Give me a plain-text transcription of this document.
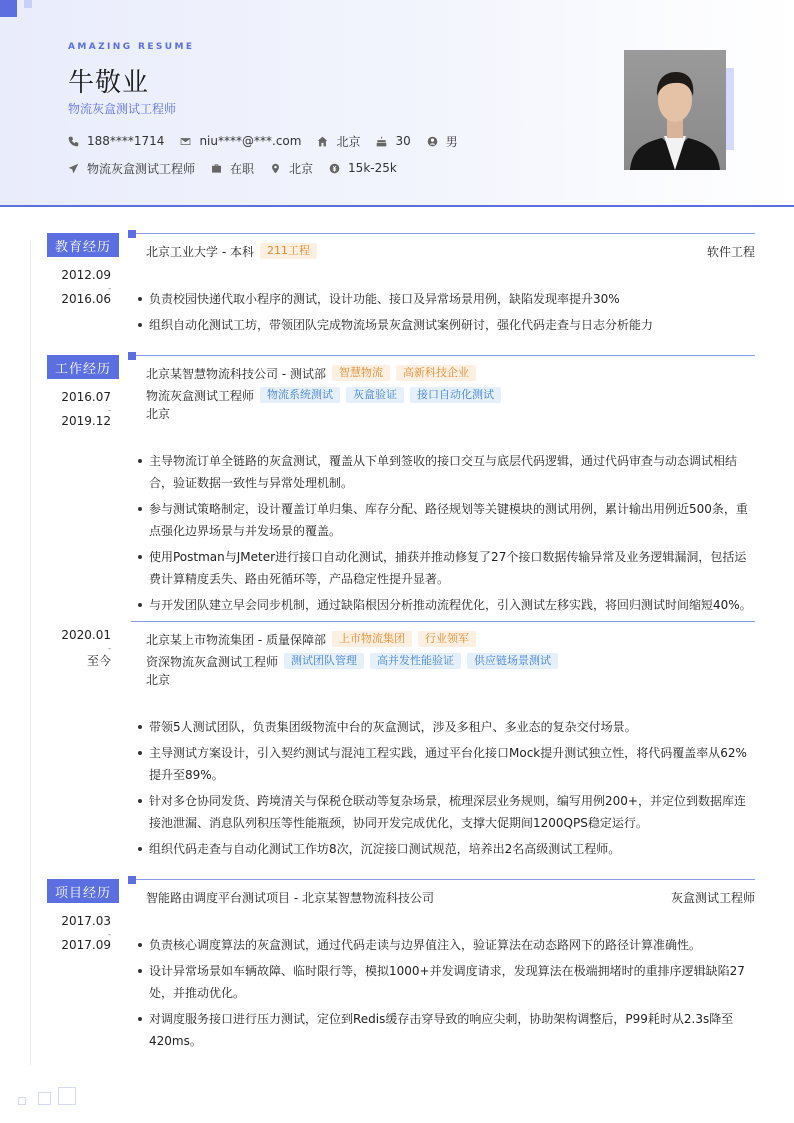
AMAZING RESUME
牛敬业
物流灰盒测试工程师
188****1714	niu****@***.com	北京	30	男
物流灰盒测试工程师	在职	北京	15k-25k
教育经历
2012.09
-
2016.06
北京工业大学 - 本科	211工程	软件工程
负责校园快递代取小程序的测试，设计功能、接口及异常场景用例，缺陷发现率提升30%
组织自动化测试工坊，带领团队完成物流场景灰盒测试案例研讨，强化代码走查与日志分析能力
工作经历
2016.07
-
2019.12
北京某智慧物流科技公司 - 测试部	智慧物流	高新科技企业
物流灰盒测试工程师	物流系统测试	灰盒验证	接口自动化测试
北京
主导物流订单全链路的灰盒测试，覆盖从下单到签收的接口交互与底层代码逻辑，通过代码审查与动态调试相结合，验证数据一致性与异常处理机制。
参与测试策略制定，设计覆盖订单归集、库存分配、路径规划等关键模块的测试用例，累计输出用例近500条，重点强化边界场景与并发场景的覆盖。
使用Postman与JMeter进行接口自动化测试，捕获并推动修复了27个接口数据传输异常及业务逻辑漏洞，包括运费计算精度丢失、路由死循环等，产品稳定性提升显著。
与开发团队建立早会同步机制，通过缺陷根因分析推动流程优化，引入测试左移实践，将回归测试时间缩短40%。
2020.01
-
至今
北京某上市物流集团 - 质量保障部	上市物流集团	行业领军
资深物流灰盒测试工程师	测试团队管理	高并发性能验证	供应链场景测试
北京
带领5人测试团队，负责集团级物流中台的灰盒测试，涉及多租户、多业态的复杂交付场景。
主导测试方案设计，引入契约测试与混沌工程实践，通过平台化接口Mock提升测试独立性，将代码覆盖率从62%提升至89%。
针对多仓协同发货、跨境清关与保税仓联动等复杂场景，梳理深层业务规则，编写用例200+，并定位到数据库连接池泄漏、消息队列积压等性能瓶颈，协同开发完成优化，支撑大促期间1200QPS稳定运行。
组织代码走查与自动化测试工作坊8次，沉淀接口测试规范，培养出2名高级测试工程师。
项目经历
2017.03
-
2017.09
智能路由调度平台测试项目 - 北京某智慧物流科技公司	灰盒测试工程师
负责核心调度算法的灰盒测试，通过代码走读与边界值注入，验证算法在动态路网下的路径计算准确性。
设计异常场景如车辆故障、临时限行等，模拟1000+并发调度请求，发现算法在极端拥堵时的重排序逻辑缺陷27处，并推动优化。
对调度服务接口进行压力测试，定位到Redis缓存击穿导致的响应尖刺，协助架构调整后，P99耗时从2.3s降至420ms。
